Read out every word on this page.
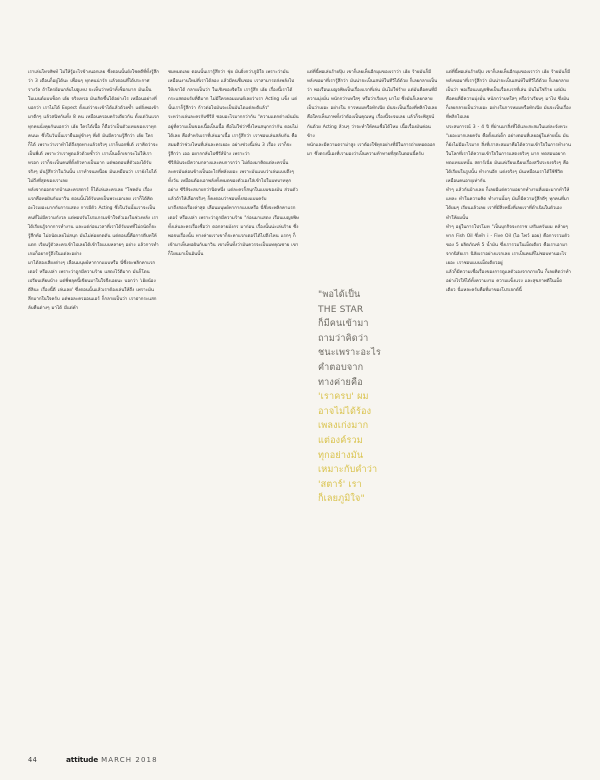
เราเล่นโทรศัพท์ ไม่ให้รู้อะไรข้างนอกเลย ซึ่งตอนนั้นยังโชคดีที่ทั้งรู้สึกว่า 3 เดือนก็อยู่ได้นะ เพื่อนๆ ทุกคนน่ารัก แล้วตอนที่ได้ประกาศรางวัล ถ้าใครย้อนกลับไปดูเทป จะเห็นว่าหน้าทั้งช็อกมาก มันเป็นโมเมนต์แบบช็อก เฮ้ย จริงเหรอ มันเกิดขึ้นได้อย่างไร เหมือนอย่างที่บอกว่า เราไม่ได้ Expect ตั้งแต่ว่าจะเข้าได้แล้วด้วยซ้ำ แต่ยิ่งพอเข้ามาดีกๆ แล้วสนิทกันทั้ง 8 คน เหมือนครอบครัวเดียวกัน ตั้งแต่วันแรก ทุกคนนั่งคุยกันบอกว่า เฮ้ย ใครได้เนื้อ ก็ถือว่าเป็นตัวแทนของเราทุกคนนะ ซึ่งในวันนั้นเรายืนอยู่ข้างๆ พี่เต้ มันมีความรู้สึกว่า เฮ้ย ใครก็ได้ เพราะว่าเราทำได้ถึงสุดทางแล้วจริงๆ เราก็บอกพี่เต้ เราคิดว่าจะเป็นพี่เต้ เพราะว่าเราพูดแล้วด้วยซ้ำว่า เราเป็นเด็กเขาจะไม่ให้เราหรอก เราก็จะเป็นคนที่ตั้งตัวทางเป็นมาก แต่พอตอนที่ตัวเองได้รับจริงๆ มันรู้สึกว่าในวันนั้น เราทำจนเหนื่อย มันเหมือนว่า เรายังไปได้ไม่ถึงที่สุดของเราเลย

หลังจากออกจากบ้านละครสตาร์ ก็ได้เล่นละครเลย "โชคดับ เรื่องแรกคือทอฝันกับมาวิน ตอนนั้นได้รับบทเป็นพระเอกเลย เราก็ได้คิดอะไรเยอะมากกับการแสดง การมีตัว Acting ซึ่งในวันนั้นเราจะเป็นคนที่ไม่มีความกังวล แต่พอปรับโปรแกรมเข้าใจตัวเองในช่วงหลัง เราได้เรียนรู้จากการทำงาน และแต่ก่อนเวลาที่เราได้รับบทที่ไม่ถนัดก็จะรู้สึกท้อ ไม่ถนัดเลยไม่สนุก มันไม่ค่อยกดดัน แต่ตอนนี้คือการตีบทให้แตก เรียนรู้ตัวละครเข้าไปเลยได้เข้าใจแบบหลายๆ อย่าง แล้วการทำเกมก็อยากรู้ถึงในแต่ละอย่าง

มาได้สองเสียงต่างๆ เลือนมนุษย์หากากแบบหรือ นี่ซึ่งจะพลิกคาแรกเตอร์ หรือเปล่า เพราะว่าถูกมีความร้าย แสดงไว้ดีมาก มันก็โดนเปรียบเทียบบ้าง แต่พี่ฟลุคนี้เขียนมาในใจจึงเอยนะ บอกว่า 'เฮ้ยน้อง ดีลินะ เรื่องนี้ดี เล่นเลย' ซึ่งตอนนั้นแล้วเราต้องเล่นให้ถึง เพราะมันลึกมากในใจครับ แต่พอละครออนแอร์ ก็กลายเป็นว่า เราฝากระแสกลับคืนต่างๆ มาได้ มีแต่คำ

ชมหมดเลย ตอนนั้นเรารู้สึกว่า ชุ่ย มันยิ่งกว่าภูมิใจ เพราะว่ามันเหมือนงานใหม่ที่เราได้ลอง แล้วมีคนชื่นชอบ เราสามารถส่งพลังไปให้เขาได้ กลายเป็นว่า ในเชิงของจิตใจ เรารู้สึก เฮ้ย เรื่องนี้เราได้กระแสตอบรับที่ดีมาก ไม่มีใครคอมเมนต์เลยว่าเรา Acting แข็ง แต่นั้นเราก็รู้สึกว่า ก้าวต่อไปมันจะเป็นบันไดแต่ละดีแล้ว"

ระหว่างเล่นละครกับซีรีส์ ชอบอะไรมากกว่ากัน "ความแตกต่างมันมันอยู่ที่ความเป็นของเนื้อเป็นเนื้อ คือไม่ใช่ว่าซึ่งไหนสนุกกว่ากัน ตอบไม่ได้เลย คือสำหรับเราที่เล่นมาเนื้อ เรารู้สึกว่า เราชอบเล่นสลับกัน คือสมมติว่าช่วงไหนที่เล่นละครเยอะ อย่างช่วงนี้เล่น 3 เรื่อง เราก็จะรู้สึกว่า เออ อยากกลับไปซีรีส์บ้าง เพราะว่า

ซีรีส์มันจะมีความกลางและคบการกว่า ไม่ต้องมาคิดแต่ละครนั้น ละครมันค่อนข้างเป็นอะไรที่พลังเยอะ เพราะมันแบบว่าเล่นแบบถึงๆ ทั้งวัน เหมือนต้องเอาพลังทั้งหมดของตัวเองใส่เข้าไปในบทบาททุกอย่าง ซีรีส์จะสบายกว่านิดหนึ่ง แต่ละครก็สนุกในแบบของมัน ส่วนตัวแล้วถ้าให้เลือกจริงๆ ก็คงตอบว่าชอบทั้งสองแบบครับ

มาถึงสองเรื่องล่าสุด เลือนมนุษย์หากากแบบหรือ นี่ซึ่งจะพลิกคาแรกเตอร์ หรือเปล่า เพราะว่าถูกมีความร้าย "ก่อนมาแสดง เรือนเบญจพิษ ทั้งเล่นละครเรื่องชื่อว่า ดอกลายมังกร มาก่อน เรื่องนั้นน่ะเล่นร้าย ซึ่งพอจบเรื่องนั้น ทางค่ายเราเขาก็จะคาแรกเตอร์ได้ไปถึงไหน แรกๆ ก็เข้ามาเห็นทอฝันกับมาวิน เขาเห็นทั้งว่ามันควรจะเป็นบทคุณชาย เขาก็โยนมาเป็นอันนั้น

แต่ที่นี้พอเล่นร้ายปุ๊บ เขาก็เลยเห็นอีกมุมของเราว่า เฮ้ย ร้ายมันก็มีหลังขอมาที่เรารู้สึกว่า มันน่าจะเป็นเสน่ห์ในทีวีได้ด้วย ก็เลยกลายเป็นว่า พอเรือนเบญจพิษเป็นเรื่องแรกที่เล่น มันไม่ใช่ร้าย แต่มันคือคนที่มีความมุ่งมั่น หนักกว่าบทใสๆ หรือว่าเรียบๆ มาไป ซึ่งมันก็เลยกลายเป็นว่าเยอะ อย่างใน การหมมหรือทักเนีย มันจะเป็นเรื่องที่พลิกไปเลย คือใครเห็นภาพทั้งว่าต้องเป็นคุณหนู เรื่องนี้จะจบเลย แล้วก็จะพิสูจน์กันด้วย Acting ล้วนๆ ว่าจะทำให้คนเชื่อได้ไหม เนื้อเรื่องมันค่อนข้าง

หนักและมีความดราม่าสูง เราต้องใช้ทุกอย่างที่มีในการถ่ายทอดออกมา ซึ่งตรงนี้เองที่เรามองว่าเป็นความท้าทายที่สุดในตอนนี้ครับ

"พอได้เป็น
THE STAR
ก็มีคนเข้ามา
ถามว่าคิดว่า
ชนะเพราะอะไร
คำตอบจาก
ทางค่ายคือ
'เราครบ' ผม
อาจไม่ได้ร้อง
เพลงเก่งมาก
แต่องค์รวม
ทุกอย่างมัน
เหมาะกับคำว่า
'สตาร์' เรา
ก็เลยภูมิใจ"

แต่ที่นี้พอเล่นร้ายปุ๊บ เขาก็เลยเห็นอีกมุมของเราว่า เฮ้ย ร้ายมันก็มีหลังขอมาที่เรารู้สึกว่า มันน่าจะเป็นเสน่ห์ในทีวีได้ด้วย ก็เลยกลายเป็นว่า พอเรือนเบญจพิษเป็นเรื่องแรกที่เล่น มันไม่ใช่ร้าย แต่มันคือคนที่มีความมุ่งมั่น หนักกว่าบทใสๆ หรือว่าเรียบๆ มาไป ซึ่งมันก็เลยกลายเป็นว่าเยอะ อย่างในการหมมหรือทักเนีย มันจะเป็นเรื่องที่พลิกไปเลย

ประสบการณ์ 3 - 4 ปี ที่ผ่านมาสิ่งที่ได้และสะสมในแต่ละจังหวะ "เยอะมากเลยครับ คือตั้งแต่เด็ก อย่างตอนที่เลยอยู่ในค่ายนั้น มันก็ยังไม่มีอะไรมาก สิ่งที่เราสะสมมาคือได้ความเข้าใจในการทำงาน ในโลกที่เราได้ความเข้าใจในการแสดงจริงๆ มาก ทดสอบอยากทดแทนบทนั้น สตาร์เนี่ย มันแค่เรียบเฉียบเรื่องสวีประจงจริงๆ คือได้เรียบในรูปนั้น ทำงานอีก แต่งจริงๆ มันเหมือนเราได้ใช้ชีวิตเหมือนคนอายุเท่ากัน

ทำๆ แล้วกันบ้างเลย ก็เลยมีแต่ความอยากทำงานที่เยอะมากทำให้แหละ ทำในความคิด ทำงานนั้นๆ มันก็มีความรู้สึกดีๆ ทุกคนที่มาได้ผมๆ เรียนแล้วเลย เราที่มีสิ่งหนึ่งที่เลยเราที่ดำเนินในตัวเอง ทำให้ผมนั้น

ทำๆ อยู่ในการโปรโมท "เป็นบุกกิจจะกราช เสริมครับผม คล้ายๆ หาก Fish Oil ซึ่งทำ i - Five Oil (ไอ ไฟว์ ออย) คือการรวมตัวของ 5 ผลิตภัณฑ์ 5 น้ำมัน ซึ่งเรารวมในเม็ดเดียว คือเราเอามาจากนิสัยเรา นิสัยเราอย่างแรกเลย เราเป็นคนที่ไม่ชอบทานอะไรเยอะ เราชอบแบบเม็ดเดียวอยู่

แล้วก็มีความเชื่อเรื่องของการดูแลตัวเองจากภายใน ก็เลยคิดว่าทำอย่างไรให้ได้ทั้งความงาม ความแข็งแรง และสุขภาพดีในเม็ดเดียว นี่แหละครับคือที่มาของโปรเจกต์นี้

44	attitude MARCH 2018
